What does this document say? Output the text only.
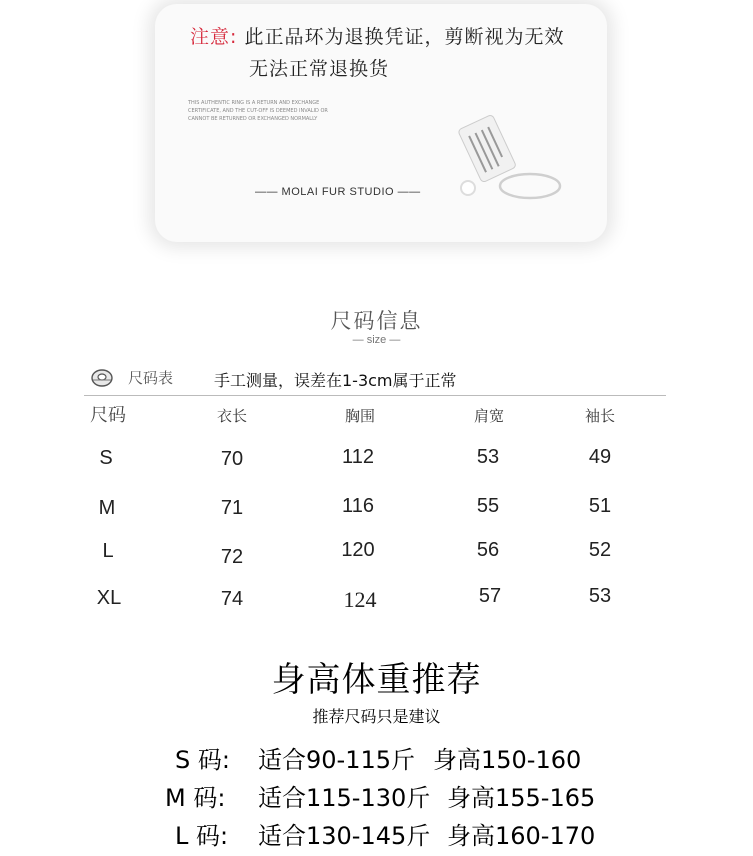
注意: 此正品环为退换凭证，剪断视为无效
无法正常退换货
THIS AUTHENTIC RING IS A RETURN AND EXCHANGE CERTIFICATE, AND THE CUT-OFF IS DEEMED INVALID OR CANNOT BE RETURNED OR EXCHANGED NORMALLY
—— MOLAI FUR STUDIO ——
尺码信息
— size —
尺码表	手工测量，误差在1-3cm属于正常
尺码	衣长	胸围	肩宽	袖长
S	70	112	53	49
M	71	116	55	51
L	72	120	56	52
XL	74	124	57	53
身高体重推荐
推荐尺码只是建议
S 码: 适合90-115斤 身高150-160
M 码: 适合115-130斤 身高155-165
L 码: 适合130-145斤 身高160-170
